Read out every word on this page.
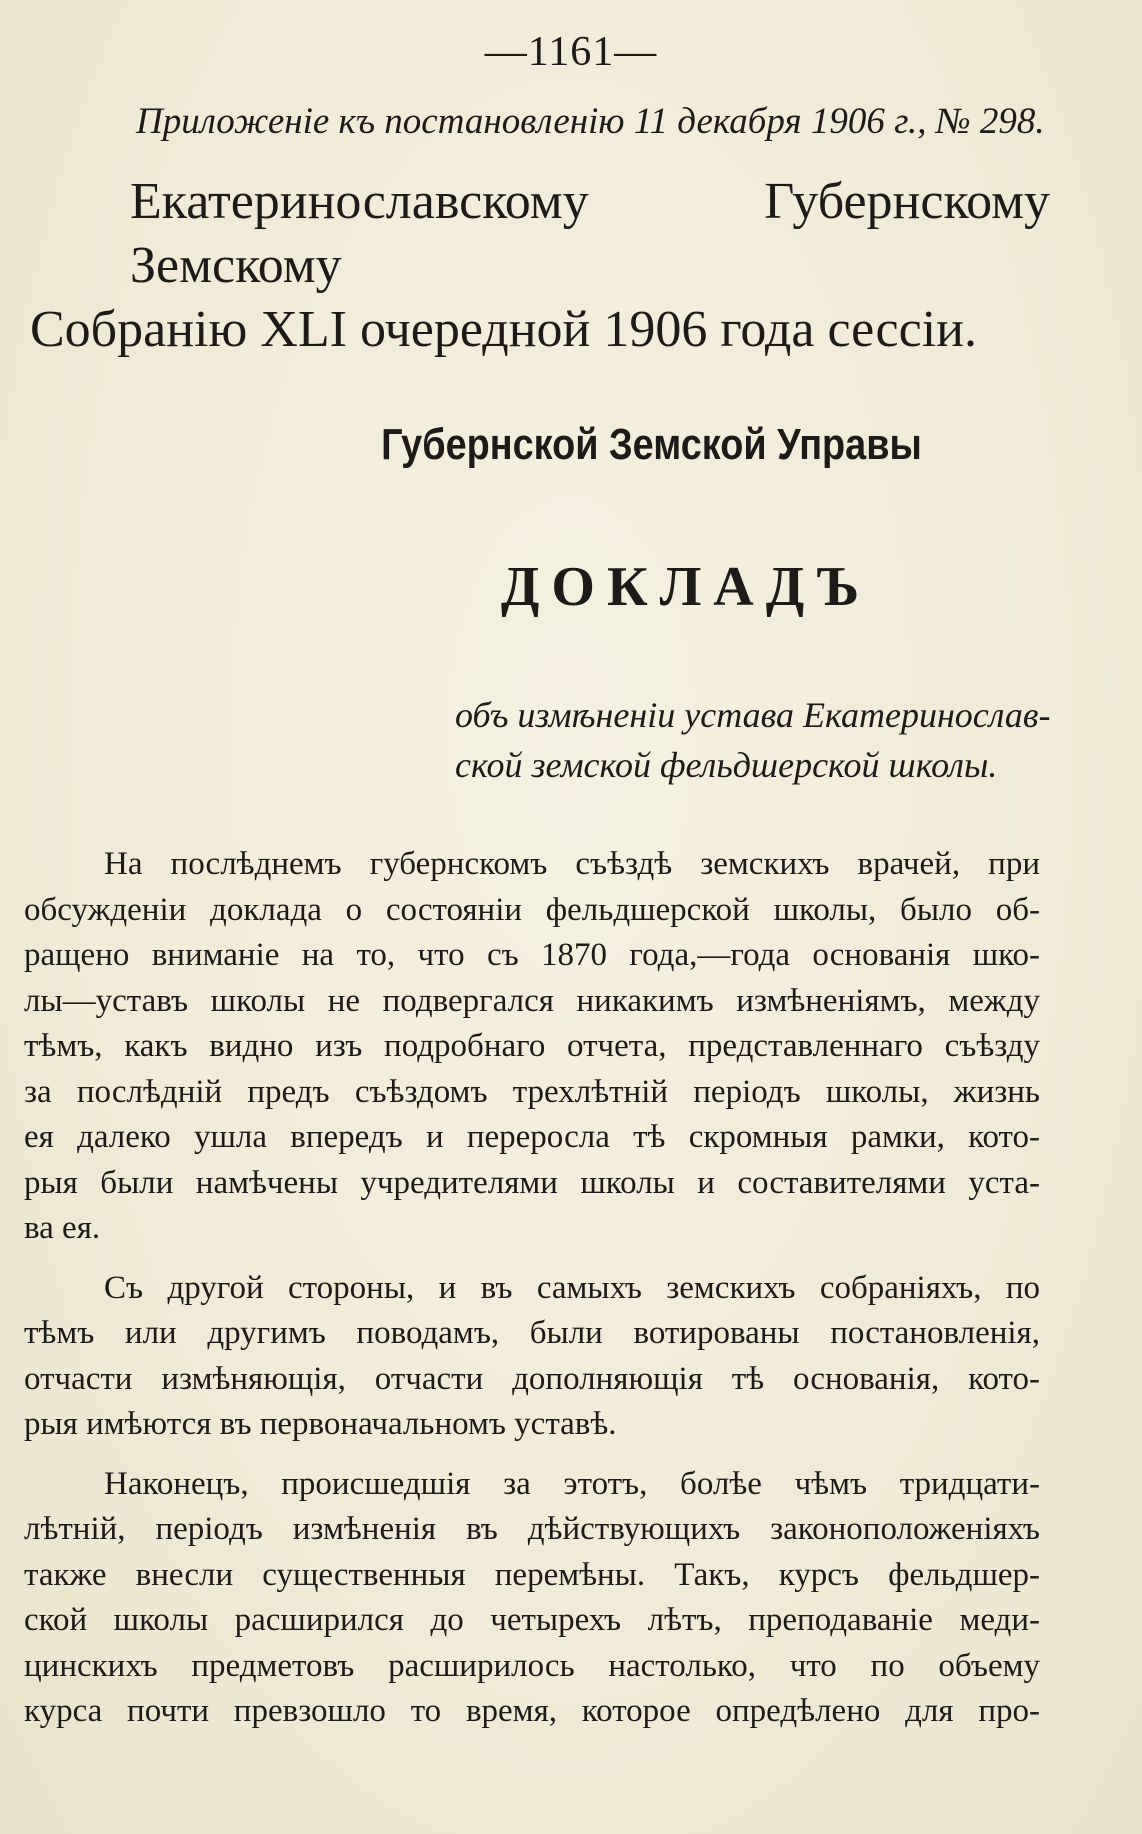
—1161—
Приложеніе къ постановленію 11 декабря 1906 г., № 298.
Екатеринославскому Губернскому Земскому
Собранію XLI очередной 1906 года сессіи.
Губернской Земской Управы
ДОКЛАДЪ
объ измѣненіи устава Екатеринослав-
ской земской фельдшерской школы.
На послѣднемъ губернскомъ съѣздѣ земскихъ врачей, при
обсужденіи доклада о состояніи фельдшерской школы, было об-
ращено вниманіе на то, что съ 1870 года,—года основанія шко-
лы—уставъ школы не подвергался никакимъ измѣненіямъ, между
тѣмъ, какъ видно изъ подробнаго отчета, представленнаго съѣзду
за послѣдній предъ съѣздомъ трехлѣтній періодъ школы, жизнь
ея далеко ушла впередъ и переросла тѣ скромныя рамки, кото-
рыя были намѣчены учредителями школы и составителями уста-
ва ея.
Съ другой стороны, и въ самыхъ земскихъ собраніяхъ, по
тѣмъ или другимъ поводамъ, были вотированы постановленія,
отчасти измѣняющія, отчасти дополняющія тѣ основанія, кото-
рыя имѣются въ первоначальномъ уставѣ.
Наконецъ, происшедшія за этотъ, болѣе чѣмъ тридцати-
лѣтній, періодъ измѣненія въ дѣйствующихъ законоположеніяхъ
также внесли существенныя перемѣны. Такъ, курсъ фельдшер-
ской школы расширился до четырехъ лѣтъ, преподаваніе меди-
цинскихъ предметовъ расширилось настолько, что по объему
курса почти превзошло то время, которое опредѣлено для про-
